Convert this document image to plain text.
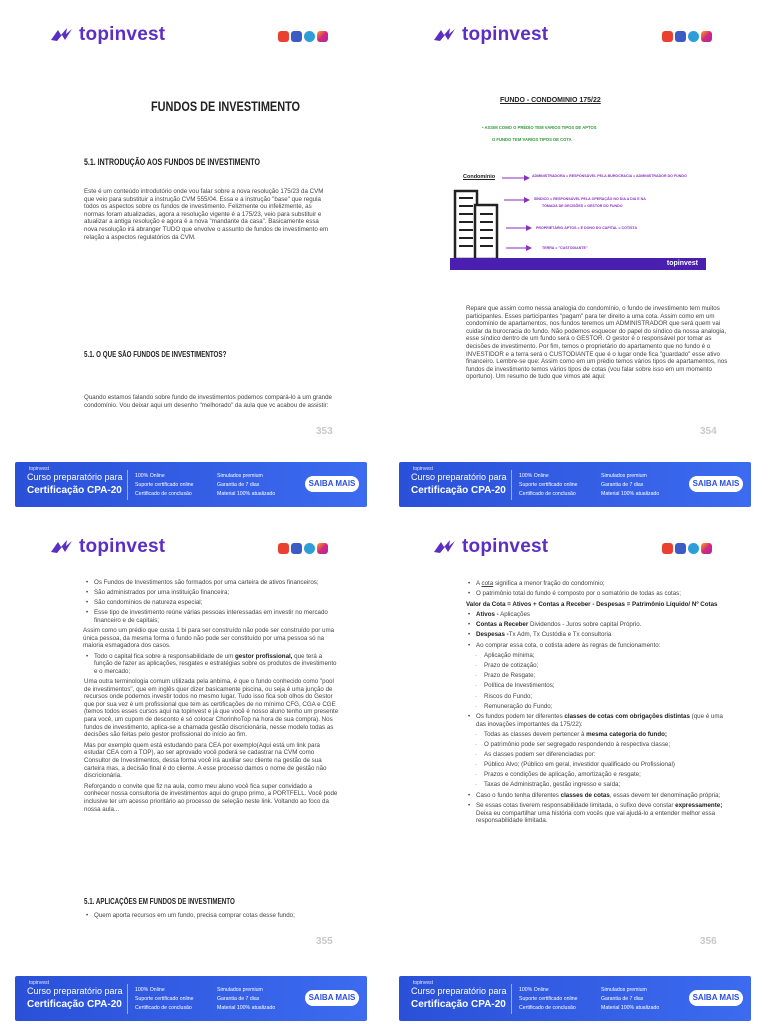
topinvest
FUNDOS DE INVESTIMENTO
5.1. INTRODUÇÃO AOS FUNDOS DE INVESTIMENTO
Este é um conteúdo introdutório onde vou falar sobre a nova resolução 175/23 da CVM que veio para substituir a instrução CVM 555/04. Essa e a instrução "base" que regula todos os aspectos sobre os fundos de investimento. Felizmente ou infelizmente, as normas foram atualizadas, agora a resolução vigente é a 175/23, veio para substituir e atualizar a antiga resolução e agora é a nova "mandante da casa". Basicamente essa nova resolução irá abranger TUDO que envolve o assunto de fundos de investimento em relação a aspectos regulatórios da CVM.
5.1. O QUE SÃO FUNDOS DE INVESTIMENTOS?
Quando estamos falando sobre fundo de investimentos podemos compará-lo a um grande condomínio. Vou deixar aqui um desenho "melhorado" da aula que vc acabou de assistir:
353
topinvest
Curso preparatório para
Certificação CPA-20
100% Online
Suporte certificado online
Certificado de conclusão
Simulados premium
Garantia de 7 dias
Material 100% atualizado
SAIBA MAIS
topinvest
FUNDO - CONDOMINIO 175/22
• ASSIM COMO O PRÉDIO TEM VARIOS TIPOS DE APTOS
O FUNDO TEM VARIOS TIPOS DE COTA
Condomínio	ADMINISTRADORA = RESPONSÁVEL PELA BUROCRACIA = ADMINISTRADOR DO FUNDO
SÍNDICO = RESPONSÁVEL PELA OPERAÇÃO NO DIA A DIA E NA
TOMADA DE DECISÕES = GESTOR DO FUNDO
PROPRIETÁRIO APTOS = É DONO DO CAPITAL = COTISTA
TERRA = "CUSTODIANTE"
topinvest
Repare que assim como nessa analogia do condomínio, o fundo de investimento tem muitos participantes. Esses participantes "pagam" para ter direito a uma cota. Assim como em um condomínio de apartamentos, nos fundos teremos um ADMINISTRADOR que será quem vai cuidar da burocracia do fundo. Não podemos esquecer do papel do síndico da nossa analogia, esse síndico dentro de um fundo será o GESTOR. O gestor é o responsável por tomar as decisões de investimento. Por fim, temos o proprietário do apartamento que no fundo é o INVESTIDOR e a terra será o CUSTODIANTE que é o lugar onde fica "guardado" esse ativo financeiro. Lembre-se que: Assim como em um prédio temos vários tipos de apartamentos, nos fundos de investimento temos vários tipos de cotas (vou falar sobre isso em um momento oportuno). Um resumo de tudo que vimos até aqui:
354
topinvest
Curso preparatório para
Certificação CPA-20
100% Online
Suporte certificado online
Certificado de conclusão
Simulados premium
Garantia de 7 dias
Material 100% atualizado
SAIBA MAIS
topinvest
• Os Fundos de Investimentos são formados por uma carteira de ativos financeiros;
• São administrados por uma instituição financeira;
• São condomínios de natureza especial;
• Esse tipo de investimento reúne várias pessoas interessadas em investir no mercado financeiro e de capitais;

Assim como um prédio que custa 1 bi para ser construído não pode ser construído por uma única pessoa, da mesma forma o fundo não pode ser constituído por uma pessoa só na maioria esmagadora dos casos.

• Todo o capital fica sobre a responsabilidade de um gestor profissional, que terá a função de fazer as aplicações, resgates e estratégias sobre os produtos de investimento e o mercado;

Uma outra terminologia comum utilizada pela anbima, é que o fundo conhecido como "pool de investimentos", que em inglês quer dizer basicamente piscina, ou seja é uma junção de recursos onde podemos investir todos no mesmo lugar. Tudo isso fica sob olhos do Gestor que por sua vez é um profissional que tem as certificações de no mínimo CFG, CGA e CGE (temos todos esses cursos aqui na topinvest e já que você é nosso aluno tenho um presente para você, um cupom de desconto é só colocar ChorinhoTop na hora de sua compra). Nos fundos de investimento, aplica-se a chamada gestão discricionária, nesse modelo todas as decisões são feitas pelo gestor profissional do início ao fim.

Mas por exemplo quem está estudando para CEA por exemplo(Aqui está um link para estudar CEA com a TOP), ao ser aprovado você poderá se cadastrar na CVM como Consultor de Investimentos, dessa forma você irá auxiliar seu cliente na gestão de sua carteira mas, a decisão final é do cliente. A esse processo damos o nome de gestão não discricionária.

Reforçando o convite que fiz na aula, como meu aluno você fica super convidado a conhecer nossa consultoria de investimentos aqui do grupo primo, a PORTFELL. Você pode inclusive ter um acesso prioritário ao processo de seleção neste link. Voltando ao foco da nossa aula...

5.1. APLICAÇÕES EM FUNDOS DE INVESTIMENTO
• Quem aporta recursos em um fundo, precisa comprar cotas desse fundo;
355
topinvest
Curso preparatório para
Certificação CPA-20
100% Online
Suporte certificado online
Certificado de conclusão
Simulados premium
Garantia de 7 dias
Material 100% atualizado
SAIBA MAIS
topinvest
• A cota significa a menor fração do condomínio;
• O patrimônio total do fundo é composto por o somatório de todas as cotas;

Valor da Cota = Ativos + Contas a Receber - Despesas = Patrimônio Líquido/ Nº Cotas

• Ativos - Aplicações
• Contas a Receber Dividendos - Juros sobre capital Próprio.
• Despesas -Tx Adm, Tx Custódia e Tx consultoria
• Ao comprar essa cota, o cotista adere às regras de funcionamento:
· Aplicação mínima;
· Prazo de cotização;
· Prazo de Resgate;
· Política de Investimentos;
· Riscos do Fundo;
· Remuneração do Fundo;
• Os fundos podem ter diferentes classes de cotas com obrigações distintas (que é uma das inovações importantes da 175/22):
· Todas as classes devem pertencer à mesma categoria do fundo;
· O patrimônio pode ser segregado respondendo à respectiva classe;
· As classes podem ser diferenciadas por:
· Público Alvo; (Público em geral, investidor qualificado ou Profissional)
· Prazos e condições de aplicação, amortização e resgate;
· Taxas de Administração, gestão ingresso e saída;
• Caso o fundo tenha diferentes classes de cotas, essas devem ter denominação própria;
• Se essas cotas tiverem responsabilidade limitada, o sufixo deve constar expressamente; Deixa eu compartilhar uma história com vocês que vai ajudá-lo a entender melhor essa responsabilidade limitada.
356
topinvest
Curso preparatório para
Certificação CPA-20
100% Online
Suporte certificado online
Certificado de conclusão
Simulados premium
Garantia de 7 dias
Material 100% atualizado
SAIBA MAIS
